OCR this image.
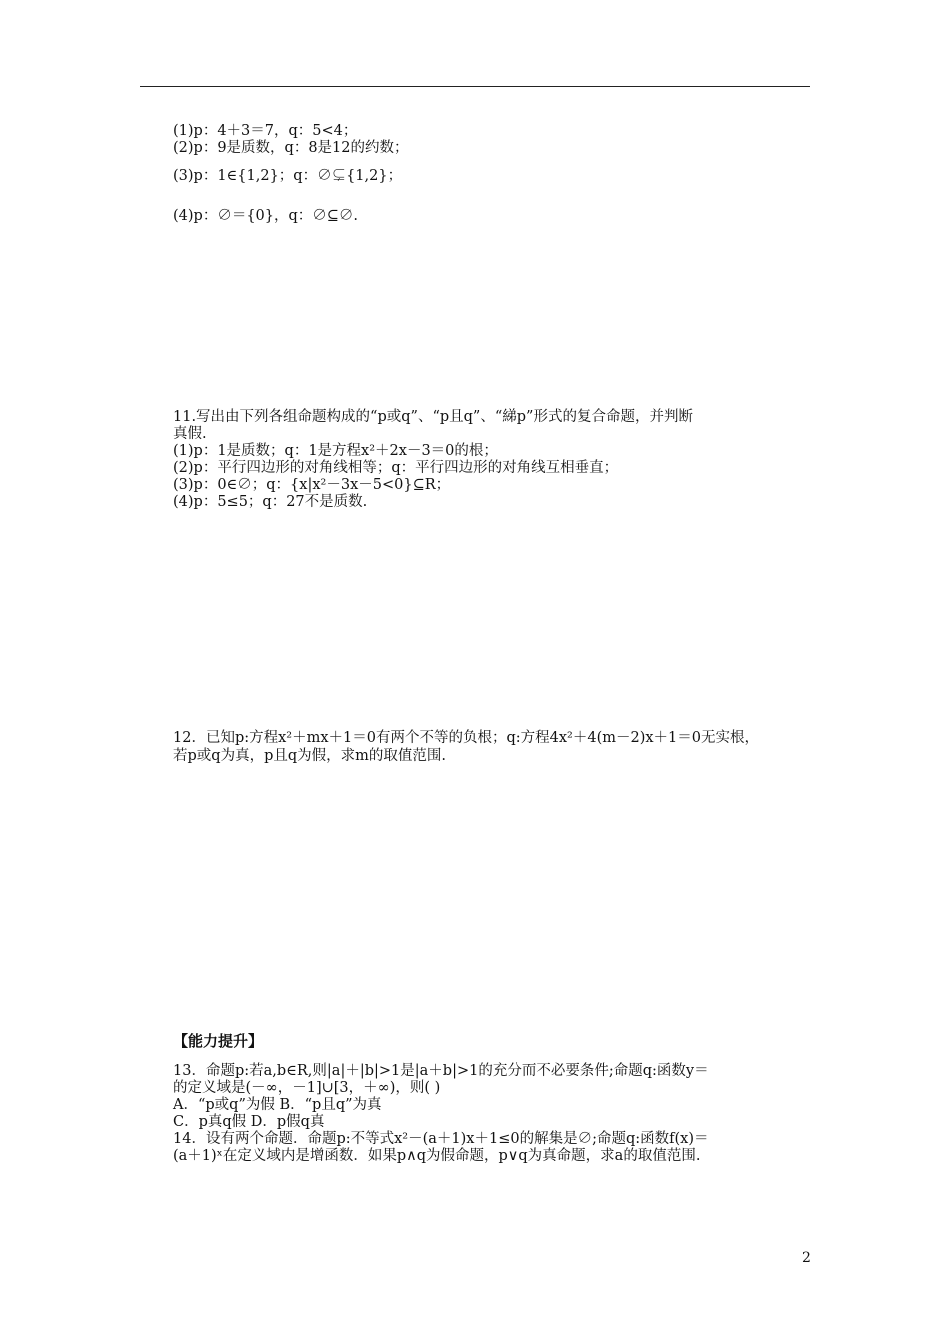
(1)p：4＋3＝7，q：5<4；
(2)p：9是质数，q：8是12的约数；
(3)p：1∈{1,2}；q：∅⊊{1,2}；
(4)p：∅＝{0}，q：∅⊆∅.
11.写出由下列各组命题构成的“p或q”、“p且q”、“綈p”形式的复合命题，并判断
真假.
(1)p：1是质数；q：1是方程x²＋2x－3＝0的根；
(2)p：平行四边形的对角线相等；q：平行四边形的对角线互相垂直；
(3)p：0∈∅；q：{x|x²－3x－5<0}⊆R；
(4)p：5≤5；q：27不是质数.
12．已知p:方程x²＋mx＋1＝0有两个不等的负根；q:方程4x²＋4(m－2)x＋1＝0无实根，
若p或q为真，p且q为假，求m的取值范围.
【能力提升】
13．命题p:若a,b∈R,则|a|＋|b|>1是|a＋b|>1的充分而不必要条件;命题q:函数y＝
的定义域是(－∞，－1]∪[3，＋∞)，则( )
A．“p或q”为假 B．“p且q”为真
C．p真q假 D．p假q真
14．设有两个命题．命题p:不等式x²－(a＋1)x＋1≤0的解集是∅;命题q:函数f(x)＝
(a＋1)ˣ在定义域内是增函数．如果p∧q为假命题，p∨q为真命题，求a的取值范围.
2
